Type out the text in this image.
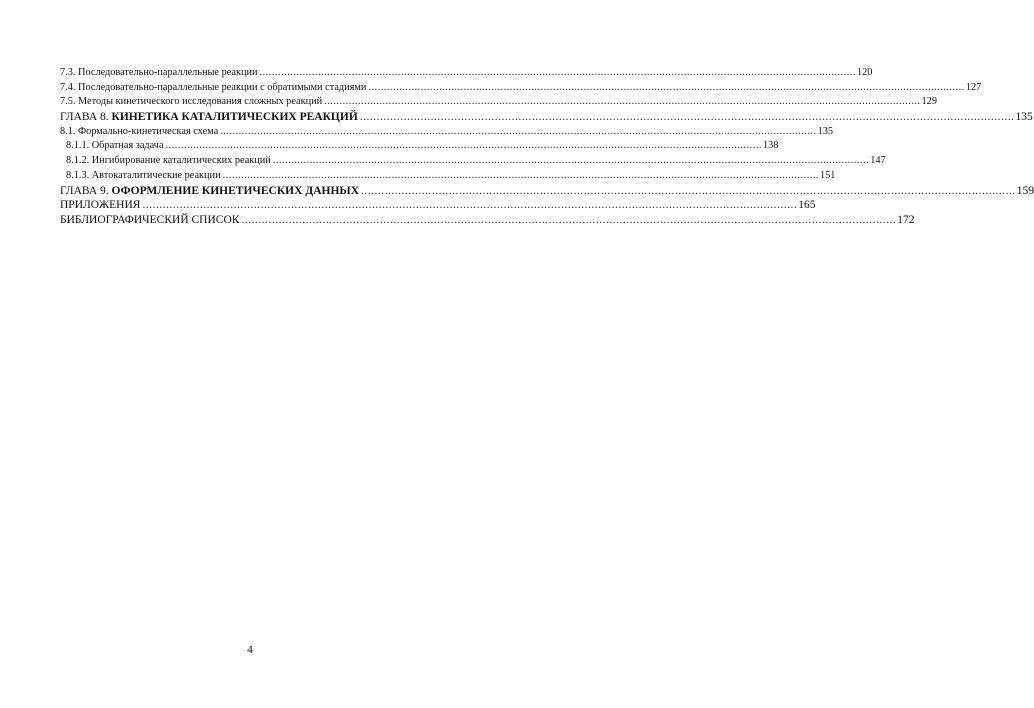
7.3. Последовательно-параллельные реакции .................................................................................................................................................................................................. 120
7.4. Последовательно-параллельные реакции с обратимыми стадиями .................................................................................................................................................................................................. 127
7.5. Методы кинетического исследования сложных реакций .................................................................................................................................................................................................. 129
ГЛАВА 8. КИНЕТИКА КАТАЛИТИЧЕСКИХ РЕАКЦИЙ .................................................................................................................................................................................................. 135
8.1. Формально-кинетическая схема .................................................................................................................................................................................................. 135
8.1.1. Обратная задача .................................................................................................................................................................................................. 138
8.1.2. Ингибирование каталитических реакций .................................................................................................................................................................................................. 147
8.1.3. Автокаталитические реакции .................................................................................................................................................................................................. 151
ГЛАВА 9. ОФОРМЛЕНИЕ КИНЕТИЧЕСКИХ ДАННЫХ .................................................................................................................................................................................................. 159
ПРИЛОЖЕНИЯ .................................................................................................................................................................................................. 165
БИБЛИОГРАФИЧЕСКИЙ СПИСОК .................................................................................................................................................................................................. 172
4
